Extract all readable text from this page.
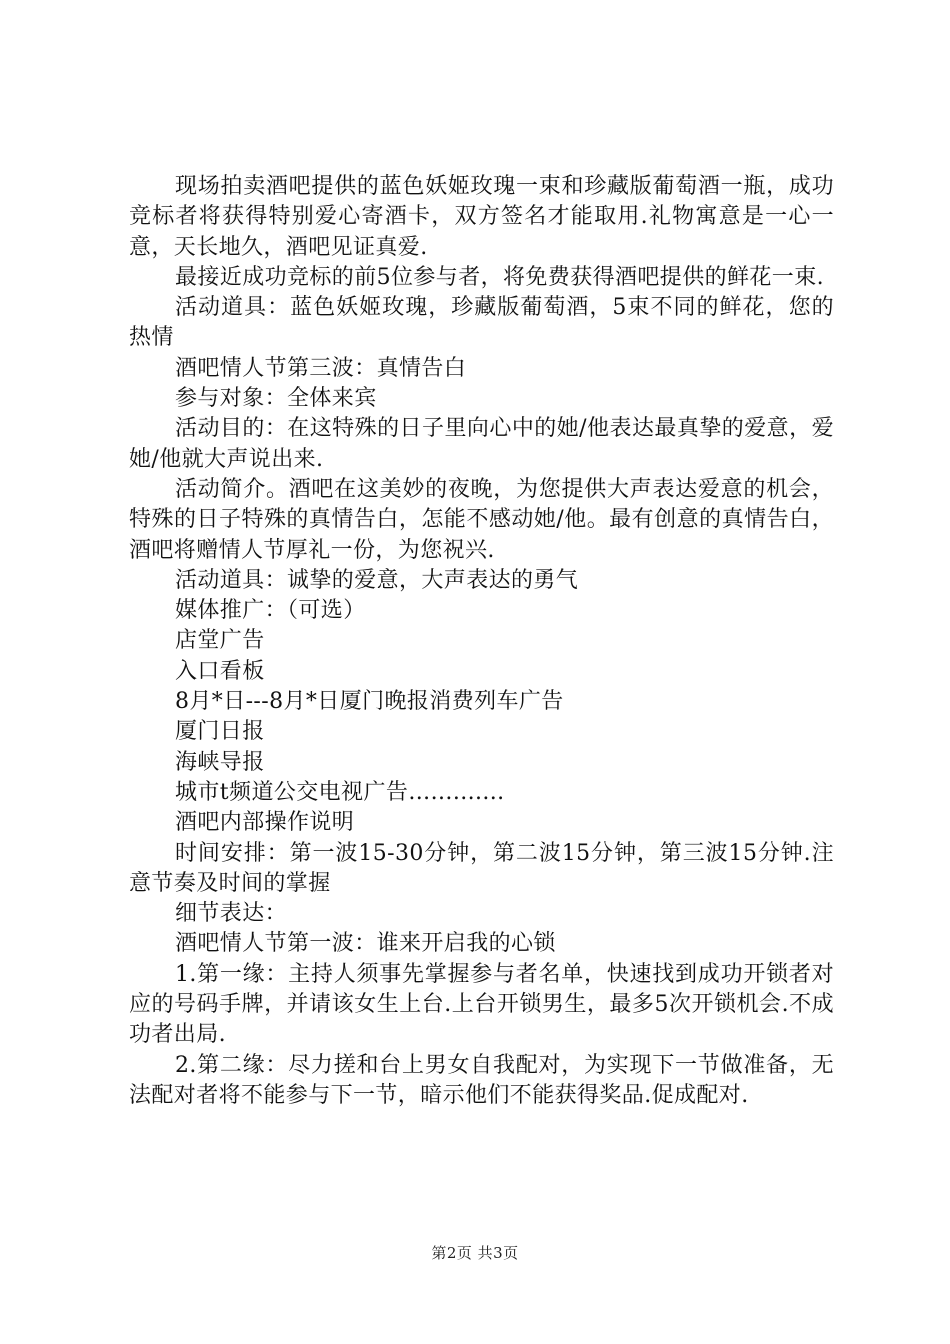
现场拍卖酒吧提供的蓝色妖姬玫瑰一束和珍藏版葡萄酒一瓶，成功竞标者将获得特别爱心寄酒卡，双方签名才能取用.礼物寓意是一心一意，天长地久，酒吧见证真爱.

最接近成功竞标的前5位参与者，将免费获得酒吧提供的鲜花一束.

活动道具：蓝色妖姬玫瑰，珍藏版葡萄酒，5束不同的鲜花，您的热情

酒吧情人节第三波：真情告白

参与对象：全体来宾

活动目的：在这特殊的日子里向心中的她/他表达最真挚的爱意，爱她/他就大声说出来.

活动简介。酒吧在这美妙的夜晚，为您提供大声表达爱意的机会，特殊的日子特殊的真情告白，怎能不感动她/他。最有创意的真情告白，酒吧将赠情人节厚礼一份，为您祝兴.

活动道具：诚挚的爱意，大声表达的勇气

媒体推广：（可选）

店堂广告

入口看板

8月*日---8月*日厦门晚报消费列车广告

厦门日报

海峡导报

城市t频道公交电视广告…..........

酒吧内部操作说明

时间安排：第一波15-30分钟，第二波15分钟，第三波15分钟.注意节奏及时间的掌握

细节表达：

酒吧情人节第一波：谁来开启我的心锁

1.第一缘：主持人须事先掌握参与者名单，快速找到成功开锁者对应的号码手牌，并请该女生上台.上台开锁男生，最多5次开锁机会.不成功者出局.

2.第二缘：尽力搓和台上男女自我配对，为实现下一节做准备，无法配对者将不能参与下一节，暗示他们不能获得奖品.促成配对.

第2页 共3页
